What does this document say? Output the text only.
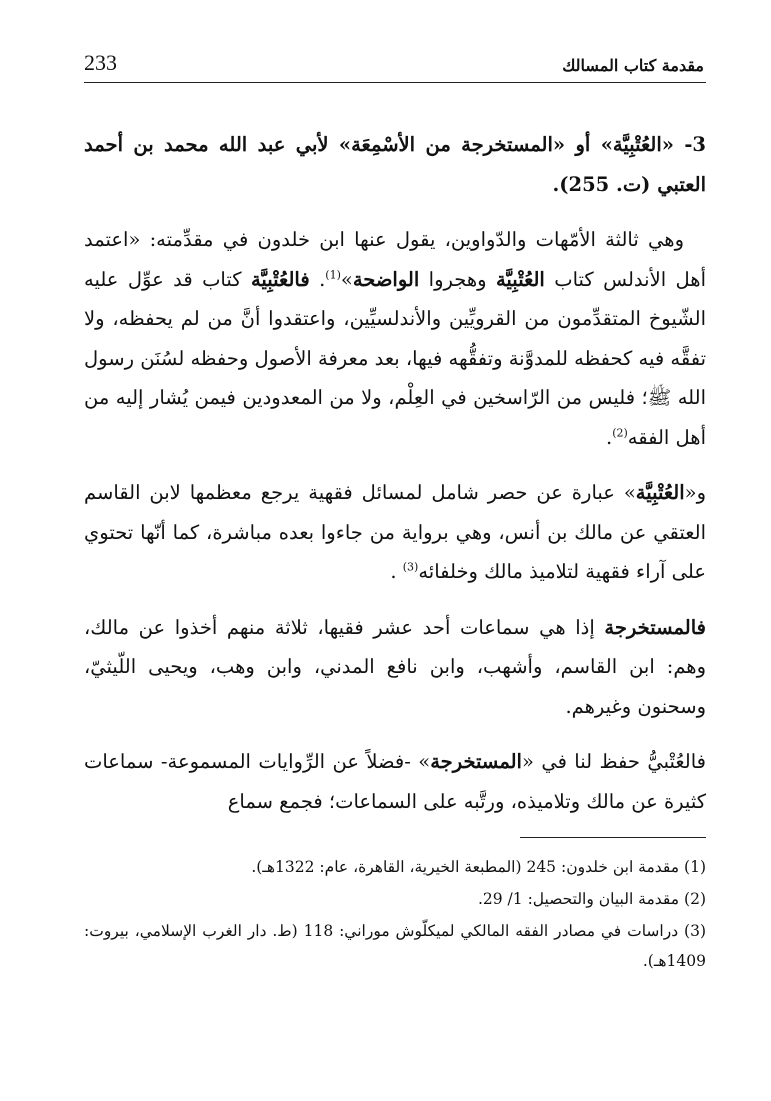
مقدمة كتاب المسالك
233

3- «العُتْبِيَّة» أو «المستخرجة من الأسْمِعَة» لأبي عبد الله محمد بن أحمد العتبي (ت. 255).

وهي ثالثة الأمّهات والدّواوين، يقول عنها ابن خلدون في مقدِّمته: «اعتمد أهل الأندلس كتاب العُتْبِيَّة وهجروا الواضحة»$^{(1)}$. فالعُتْبِيَّة كتاب قد عوِّل عليه الشّيوخ المتقدِّمون من القرويِّين والأندلسيِّين، واعتقدوا أنَّ من لم يحفظه، ولا تفقَّه فيه كحفظه للمدوَّنة وتفقُّهه فيها، بعد معرفة الأصول وحفظه لسُنَن رسول الله ﷺ؛ فليس من الرّاسخين في العِلْم، ولا من المعدودين فيمن يُشار إليه من أهل الفقه$^{(2)}$.

و«العُتْبِيَّة» عبارة عن حصر شامل لمسائل فقهية يرجع معظمها لابن القاسم العتقي عن مالك بن أنس، وهي برواية من جاءوا بعده مباشرة، كما أنّها تحتوي على آراء فقهية لتلاميذ مالك وخلفائه$^{(3)}$ .

فالمستخرجة إذا هي سماعات أحد عشر فقيها، ثلاثة منهم أخذوا عن مالك، وهم: ابن القاسم، وأشهب، وابن نافع المدني، وابن وهب، ويحيى اللّيثيّ، وسحنون وغيرهم.

فالعُتْبيُّ حفظ لنا في «المستخرجة» -فضلاً عن الرِّوايات المسموعة- سماعات كثيرة عن مالك وتلاميذه، ورتَّبه على السماعات؛ فجمع سماع

(1) مقدمة ابن خلدون: 245 (المطبعة الخيرية، القاهرة، عام: 1322هـ).

(2) مقدمة البيان والتحصيل: 1/ 29.

(3) دراسات في مصادر الفقه المالكي لميكلّوش موراني: 118 (ط. دار الغرب الإسلامي، بيروت: 1409هـ).
